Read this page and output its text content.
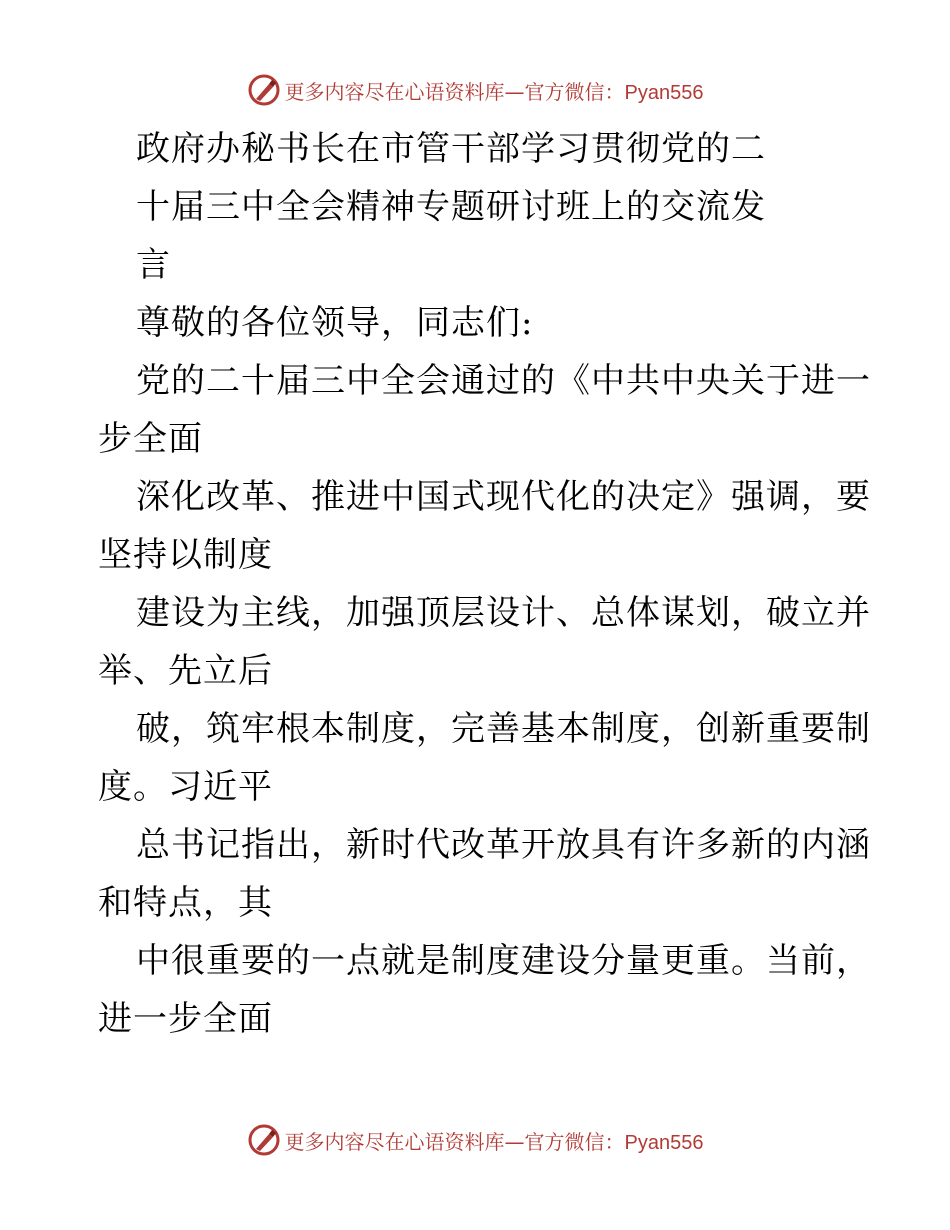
更多内容尽在心语资料库—官方微信：Pyan556
政府办秘书长在市管干部学习贯彻党的二
十届三中全会精神专题研讨班上的交流发
言
尊敬的各位领导，同志们:
党的二十届三中全会通过的《中共中央关于进一
步全面
深化改革、推进中国式现代化的决定》强调，要
坚持以制度
建设为主线，加强顶层设计、总体谋划，破立并
举、先立后
破，筑牢根本制度，完善基本制度，创新重要制
度。习近平
总书记指出，新时代改革开放具有许多新的内涵
和特点，其
中很重要的一点就是制度建设分量更重。当前，
进一步全面
更多内容尽在心语资料库—官方微信：Pyan556
